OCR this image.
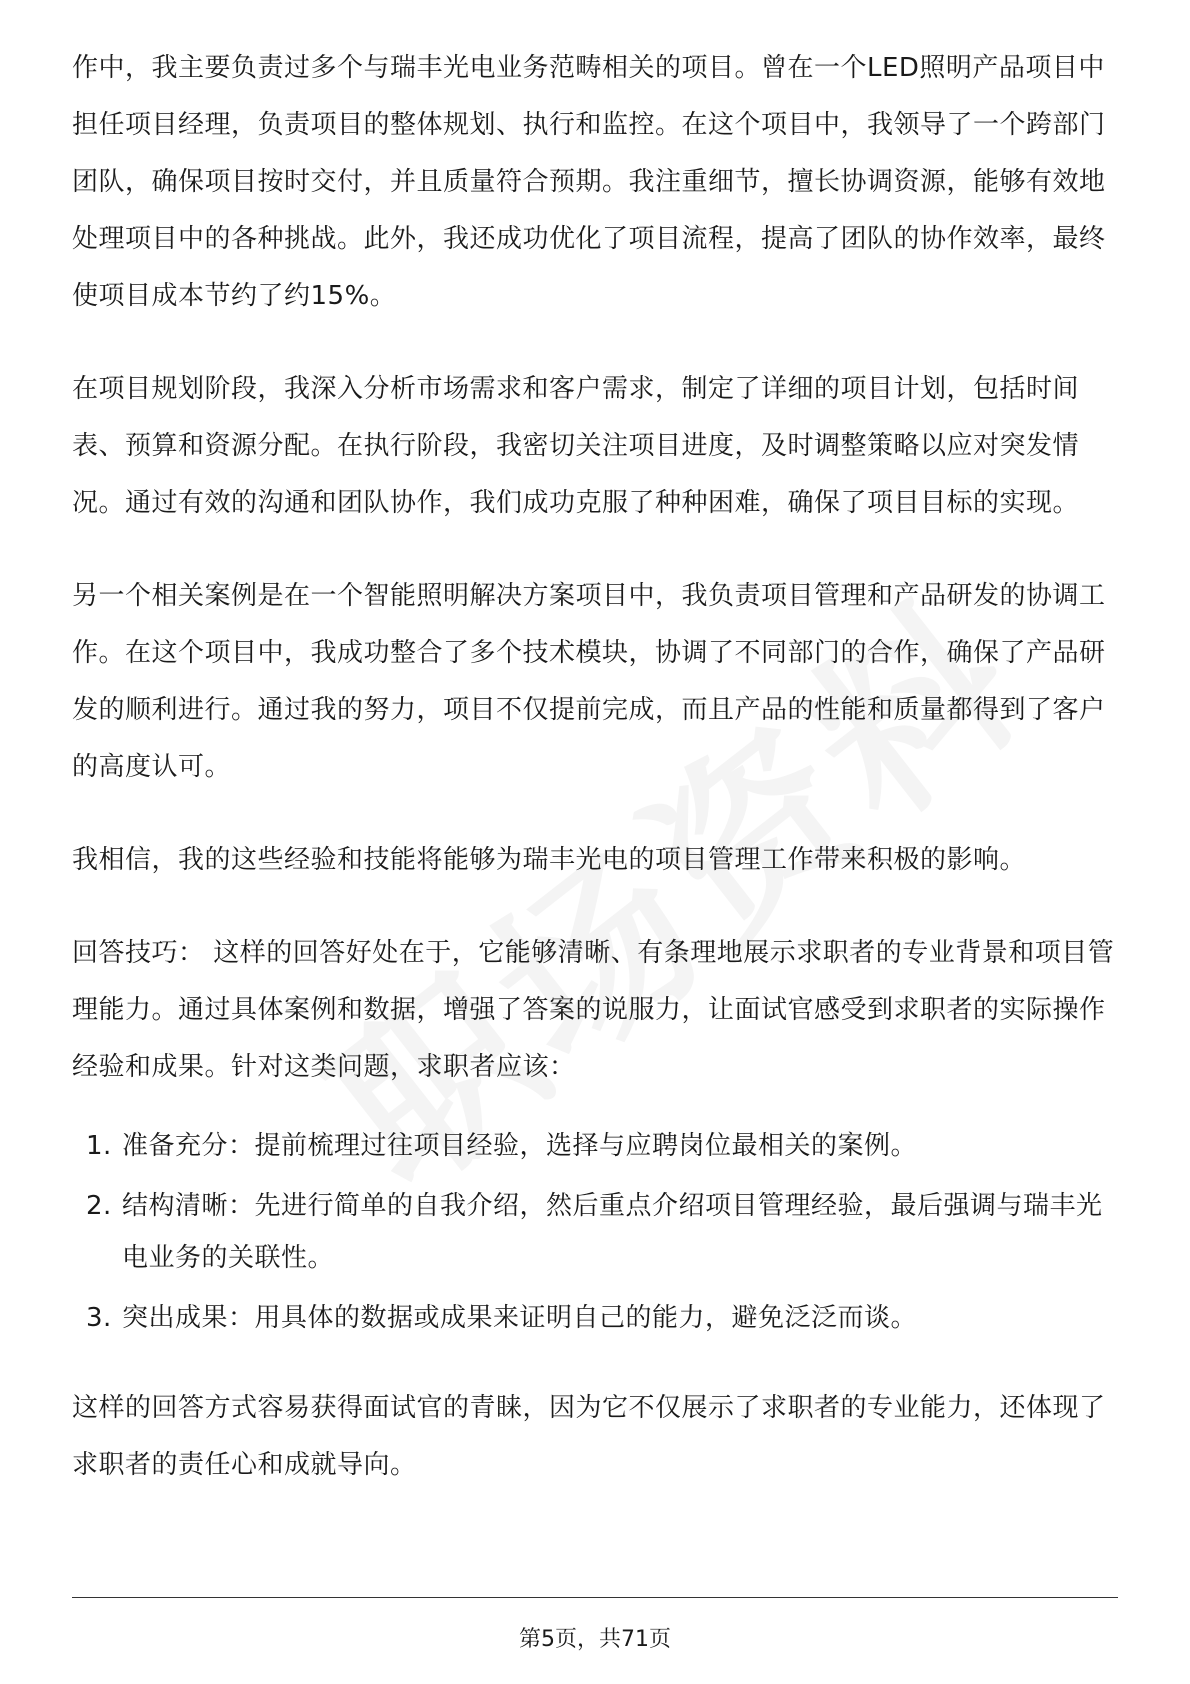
作中，我主要负责过多个与瑞丰光电业务范畴相关的项目。曾在一个LED照明产品项目中担任项目经理，负责项目的整体规划、执行和监控。在这个项目中，我领导了一个跨部门团队，确保项目按时交付，并且质量符合预期。我注重细节，擅长协调资源，能够有效地处理项目中的各种挑战。此外，我还成功优化了项目流程，提高了团队的协作效率，最终使项目成本节约了约15%。

在项目规划阶段，我深入分析市场需求和客户需求，制定了详细的项目计划，包括时间表、预算和资源分配。在执行阶段，我密切关注项目进度，及时调整策略以应对突发情况。通过有效的沟通和团队协作，我们成功克服了种种困难，确保了项目目标的实现。

另一个相关案例是在一个智能照明解决方案项目中，我负责项目管理和产品研发的协调工作。在这个项目中，我成功整合了多个技术模块，协调了不同部门的合作，确保了产品研发的顺利进行。通过我的努力，项目不仅提前完成，而且产品的性能和质量都得到了客户的高度认可。

我相信，我的这些经验和技能将能够为瑞丰光电的项目管理工作带来积极的影响。

回答技巧： 这样的回答好处在于，它能够清晰、有条理地展示求职者的专业背景和项目管理能力。通过具体案例和数据，增强了答案的说服力，让面试官感受到求职者的实际操作经验和成果。针对这类问题，求职者应该：

1. 准备充分：提前梳理过往项目经验，选择与应聘岗位最相关的案例。
2. 结构清晰：先进行简单的自我介绍，然后重点介绍项目管理经验，最后强调与瑞丰光电业务的关联性。
3. 突出成果：用具体的数据或成果来证明自己的能力，避免泛泛而谈。

这样的回答方式容易获得面试官的青睐，因为它不仅展示了求职者的专业能力，还体现了求职者的责任心和成就导向。

第5页，共71页
